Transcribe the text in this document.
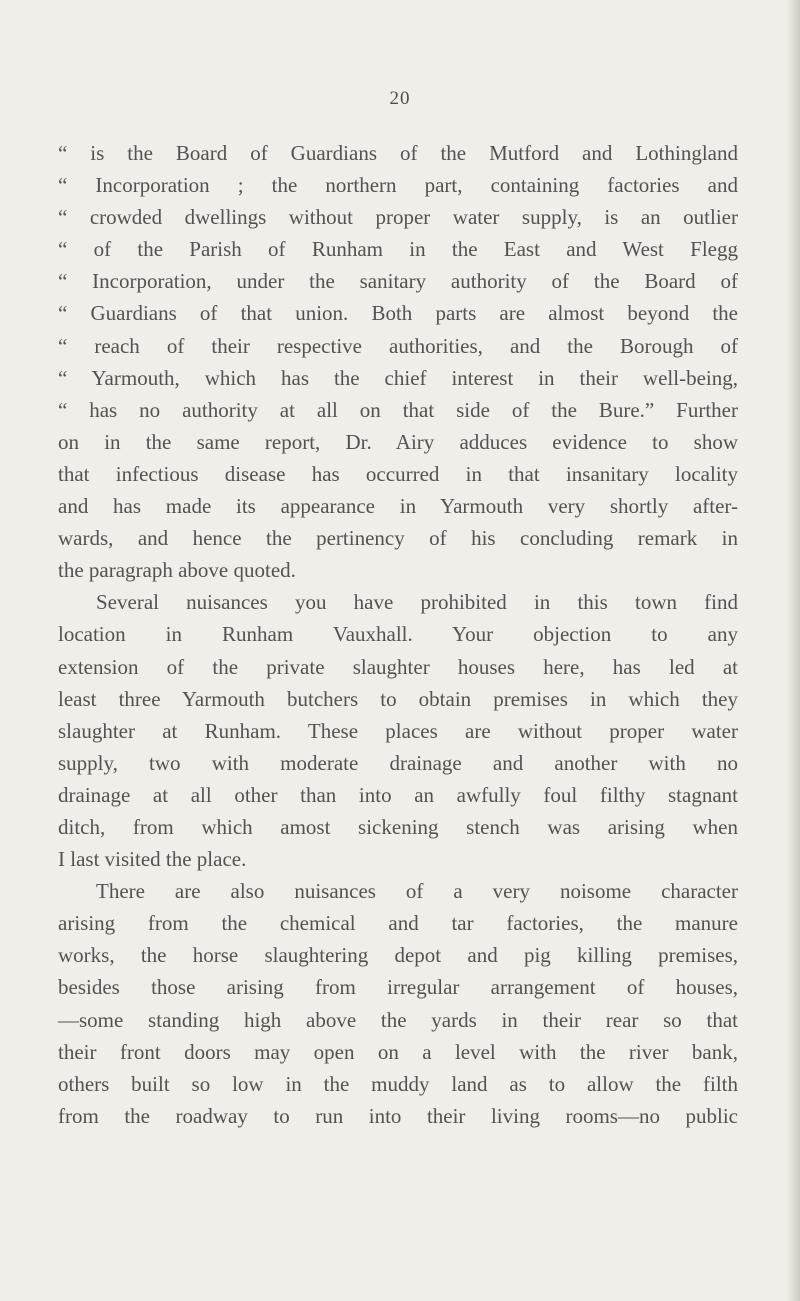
20
“ is the Board of Guardians of the Mutford and Lothingland
“ Incorporation ; the northern part, containing factories and
“ crowded dwellings without proper water supply, is an outlier
“ of the Parish of Runham in the East and West Flegg
“ Incorporation, under the sanitary authority of the Board of
“ Guardians of that union. Both parts are almost beyond the
“ reach of their respective authorities, and the Borough of
“ Yarmouth, which has the chief interest in their well-being,
“ has no authority at all on that side of the Bure.” Further
on in the same report, Dr. Airy adduces evidence to show
that infectious disease has occurred in that insanitary locality
and has made its appearance in Yarmouth very shortly after-
wards, and hence the pertinency of his concluding remark in
the paragraph above quoted.
Several nuisances you have prohibited in this town find
location in Runham Vauxhall. Your objection to any
extension of the private slaughter houses here, has led at
least three Yarmouth butchers to obtain premises in which they
slaughter at Runham. These places are without proper water
supply, two with moderate drainage and another with no
drainage at all other than into an awfully foul filthy stagnant
ditch, from which amost sickening stench was arising when
I last visited the place.
There are also nuisances of a very noisome character
arising from the chemical and tar factories, the manure
works, the horse slaughtering depot and pig killing premises,
besides those arising from irregular arrangement of houses,
—some standing high above the yards in their rear so that
their front doors may open on a level with the river bank,
others built so low in the muddy land as to allow the filth
from the roadway to run into their living rooms—no public
